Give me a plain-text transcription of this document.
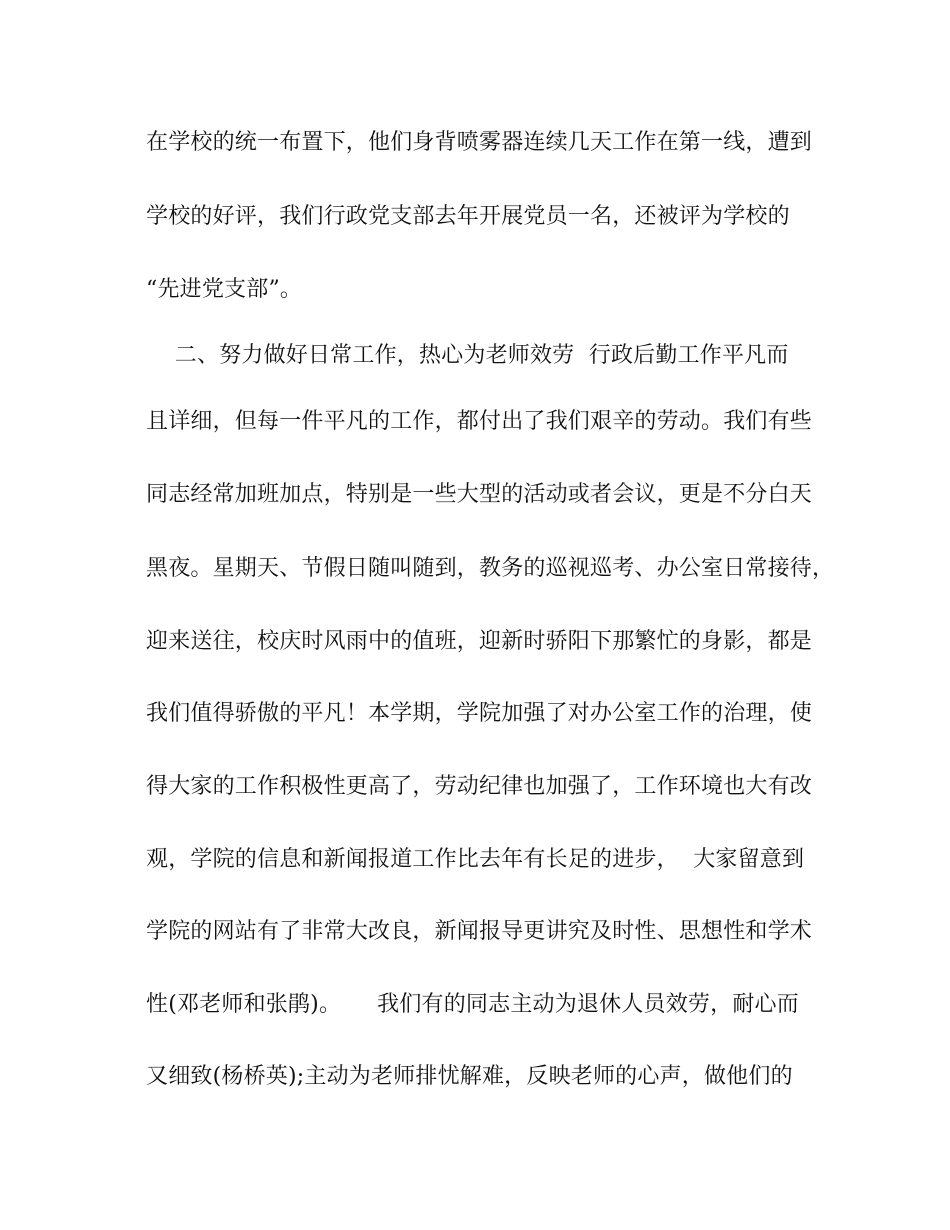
在学校的统一布置下，他们身背喷雾器连续几天工作在第一线，遭到
学校的好评，我们行政党支部去年开展党员一名，还被评为学校的
“先进党支部”。
二、努力做好日常工作，热心为老师效劳  行政后勤工作平凡而
且详细，但每一件平凡的工作，都付出了我们艰辛的劳动。我们有些
同志经常加班加点，特别是一些大型的活动或者会议，更是不分白天
黑夜。星期天、节假日随叫随到，教务的巡视巡考、办公室日常接待，
迎来送往，校庆时风雨中的值班，迎新时骄阳下那繁忙的身影，都是
我们值得骄傲的平凡！本学期，学院加强了对办公室工作的治理，使
得大家的工作积极性更高了，劳动纪律也加强了，工作环境也大有改
观，学院的信息和新闻报道工作比去年有长足的进步，  大家留意到
学院的网站有了非常大改良，新闻报导更讲究及时性、思想性和学术
性(邓老师和张鹃)。     我们有的同志主动为退休人员效劳，耐心而
又细致(杨桥英);主动为老师排忧解难，反映老师的心声，做他们的
